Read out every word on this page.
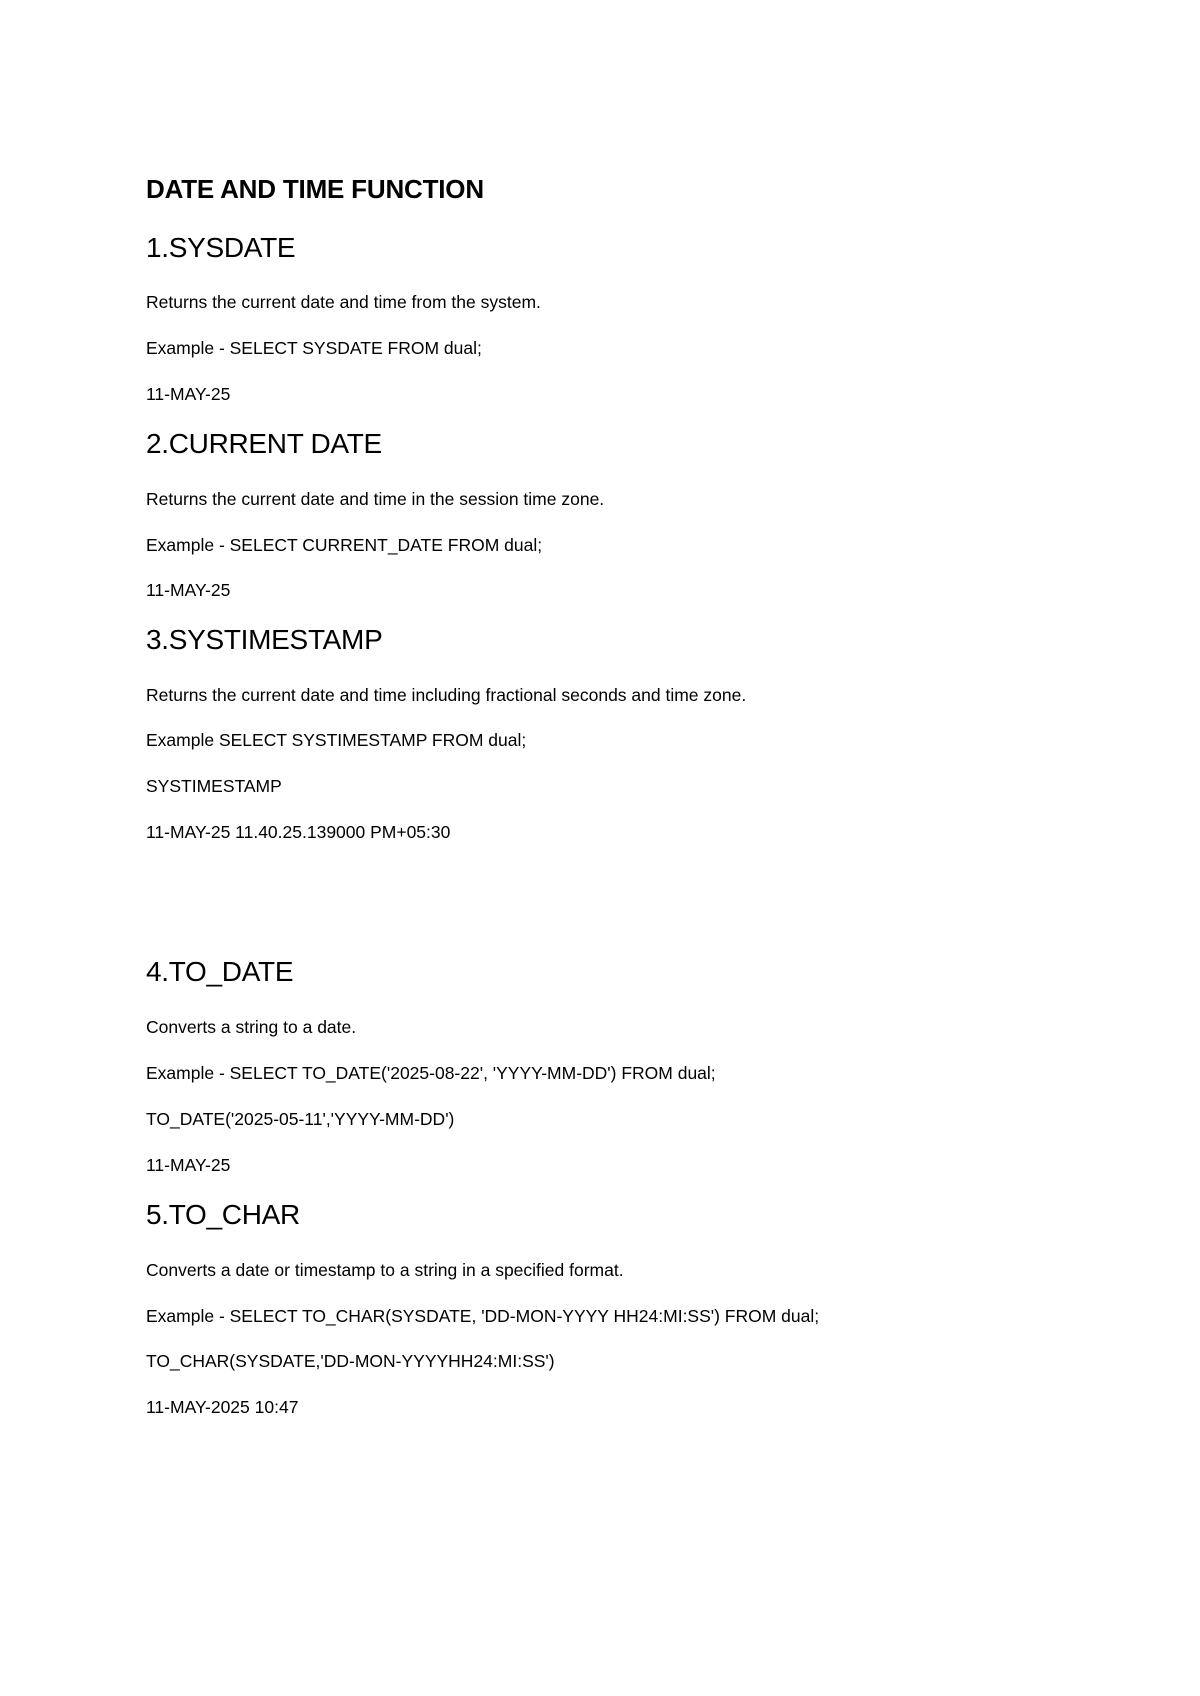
DATE AND TIME FUNCTION

1.SYSDATE

Returns the current date and time from the system.

Example - SELECT SYSDATE FROM dual;

11-MAY-25

2.CURRENT DATE

Returns the current date and time in the session time zone.

Example - SELECT CURRENT_DATE FROM dual;

11-MAY-25

3.SYSTIMESTAMP

Returns the current date and time including fractional seconds and time zone.

Example SELECT SYSTIMESTAMP FROM dual;

SYSTIMESTAMP

11-MAY-25 11.40.25.139000 PM+05:30

4.TO_DATE

Converts a string to a date.

Example - SELECT TO_DATE('2025-08-22', 'YYYY-MM-DD') FROM dual;

TO_DATE('2025-05-11','YYYY-MM-DD')

11-MAY-25

5.TO_CHAR

Converts a date or timestamp to a string in a specified format.

Example - SELECT TO_CHAR(SYSDATE, 'DD-MON-YYYY HH24:MI:SS') FROM dual;

TO_CHAR(SYSDATE,'DD-MON-YYYYHH24:MI:SS')

11-MAY-2025 10:47
